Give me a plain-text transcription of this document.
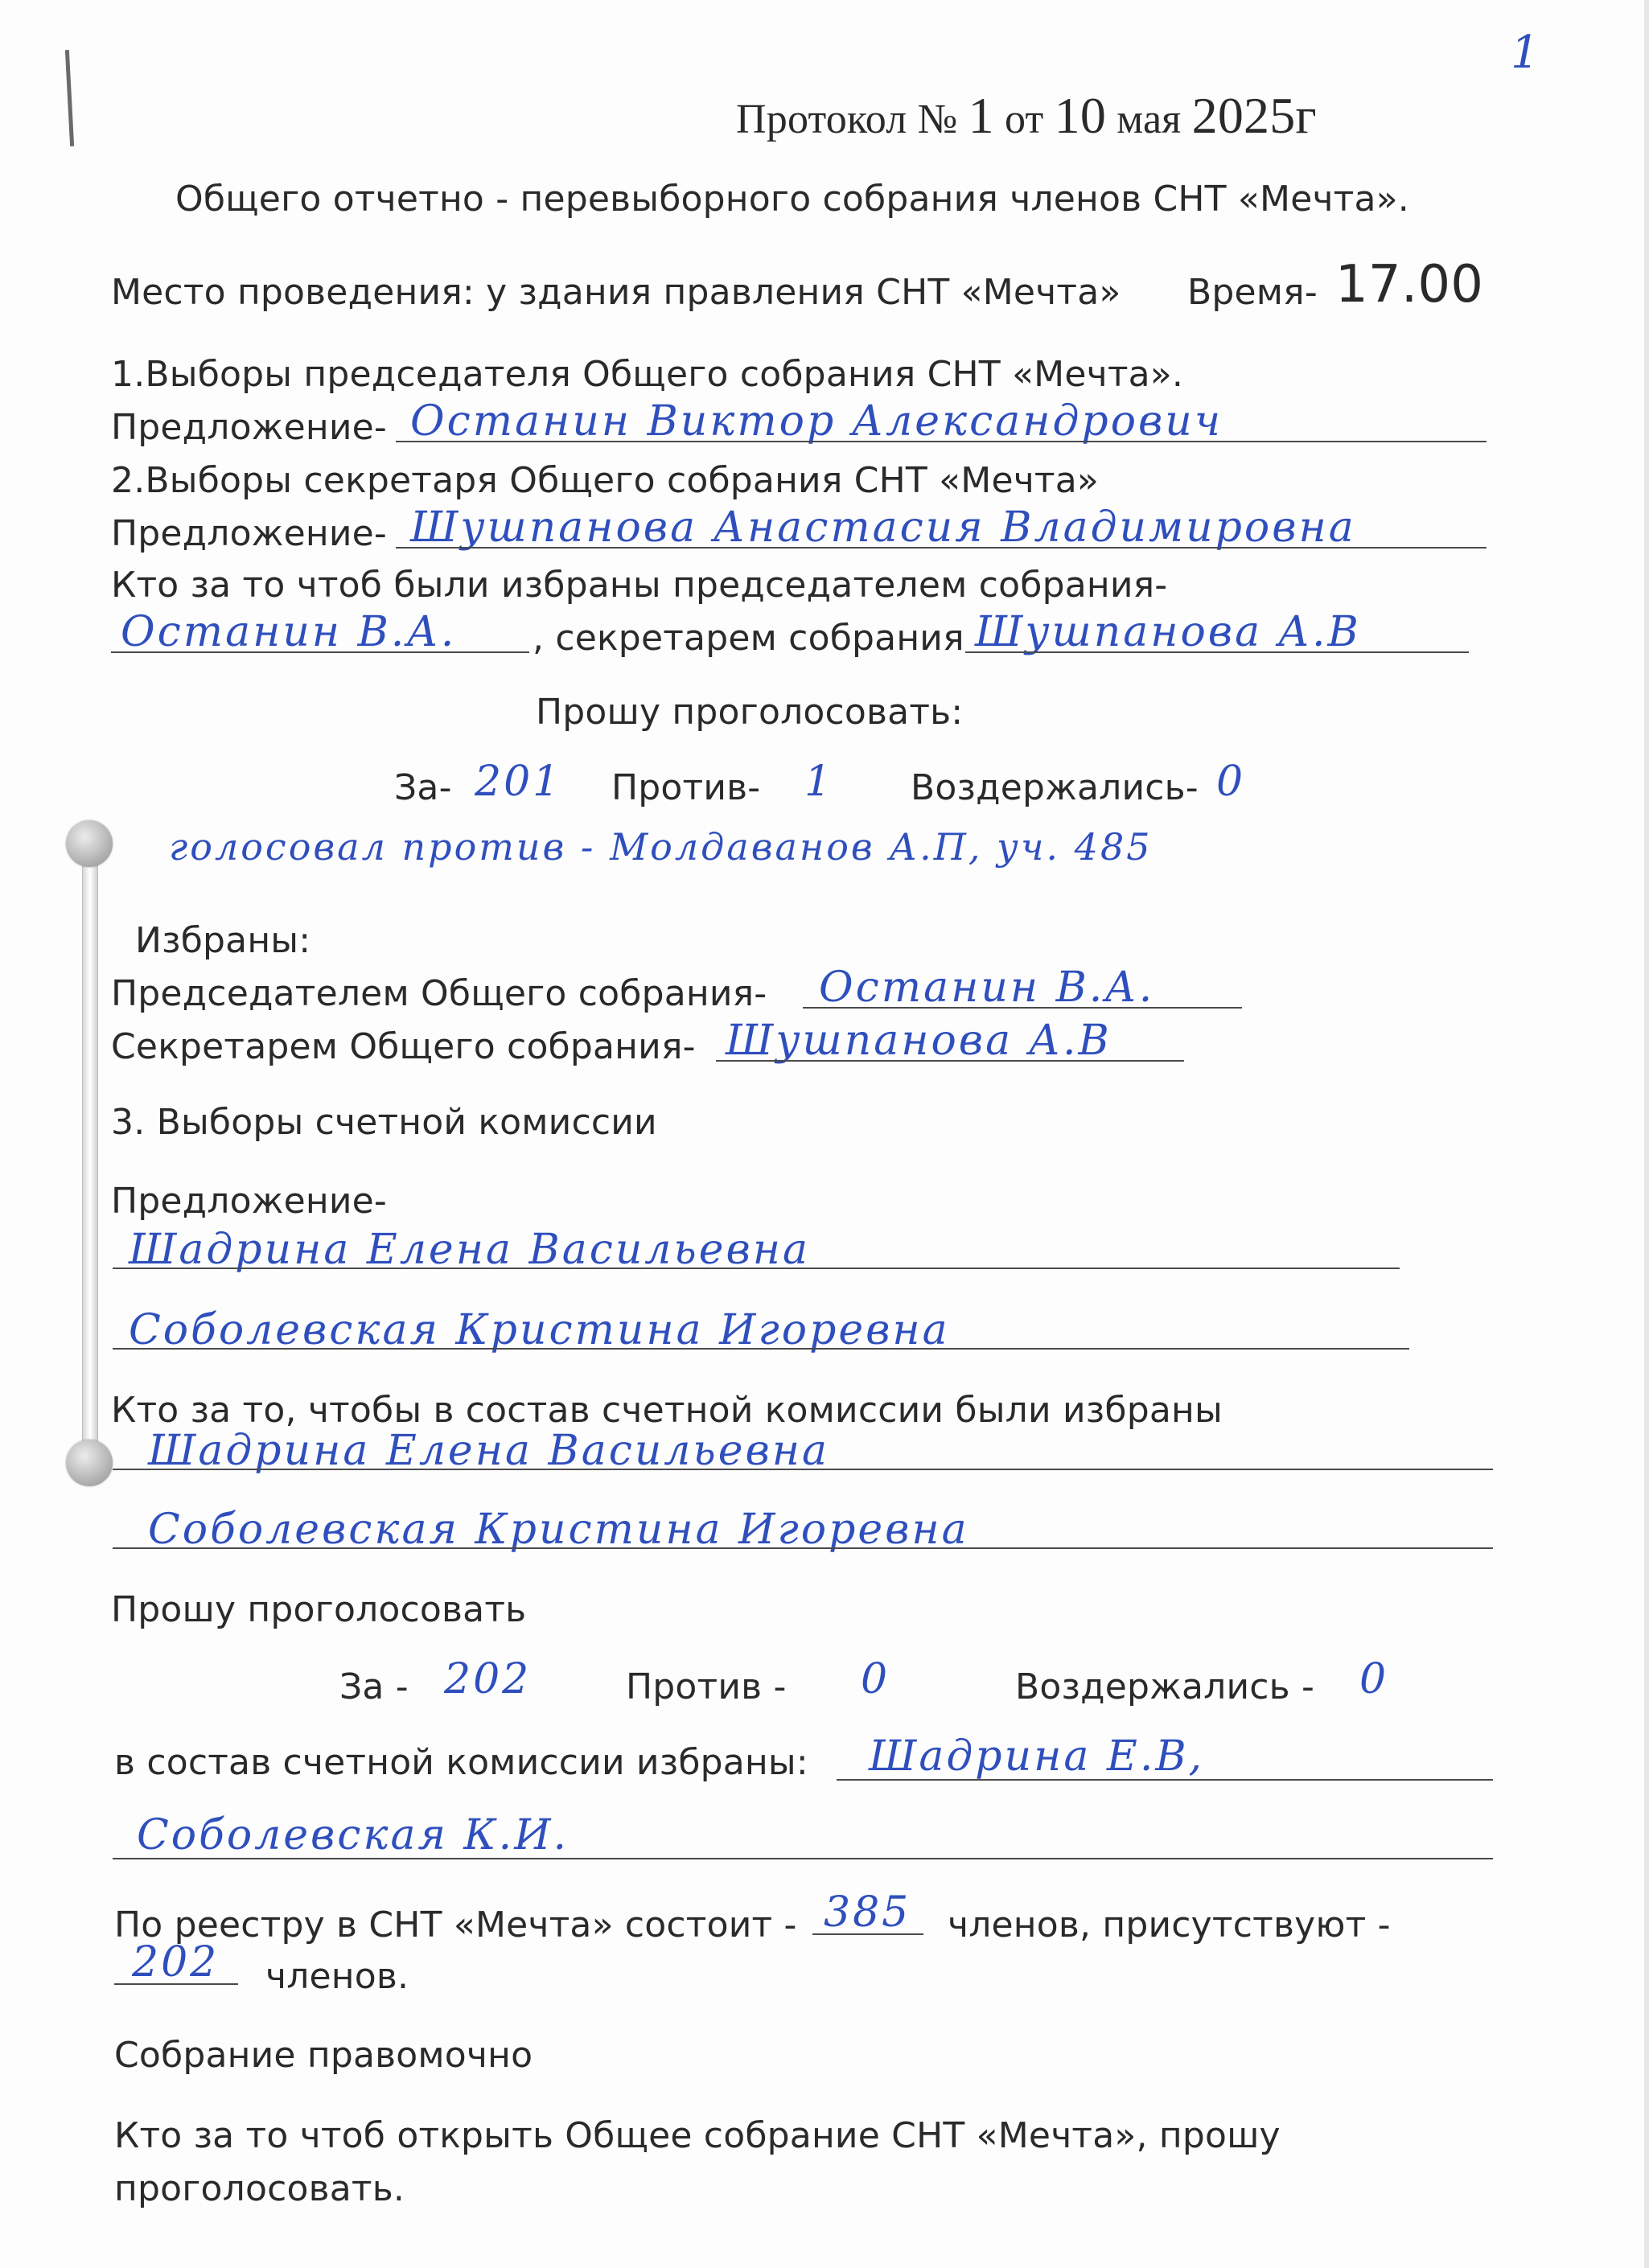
1
Протокол № 1 от 10 мая 2025г
Общего отчетно - перевыборного собрания членов СНТ «Мечта».
Место проведения: у здания правления СНТ «Мечта» Время- 17.00
1.Выборы председателя Общего собрания СНТ «Мечта».
Предложение- Останин Виктор Александрович
2.Выборы секретаря Общего собрания СНТ «Мечта»
Предложение- Шушпанова Анастасия Владимировна
Кто за то чтоб были избраны председателем собрания-
Останин В.А. , секретарем собрания Шушпанова А.В
Прошу проголосовать:
За- 201 Против- 1 Воздержались- 0
голосовал против - Молдаванов А.П, уч. 485
Избраны:
Председателем Общего собрания- Останин В.А.
Секретарем Общего собрания- Шушпанова А.В
3. Выборы счетной комиссии
Предложение-
Шадрина Елена Васильевна
Соболевская Кристина Игоревна
Кто за то, чтобы в состав счетной комиссии были избраны
Шадрина Елена Васильевна
Соболевская Кристина Игоревна
Прошу проголосовать
За - 202	Против - 0	Воздержались - 0
в состав счетной комиссии избраны: Шадрина Е.В,
Соболевская К.И.
По реестру в СНТ «Мечта» состоит - 385 членов, присутствуют -
202 членов.
Собрание правомочно
Кто за то чтоб открыть Общее собрание СНТ «Мечта», прошу
проголосовать.
